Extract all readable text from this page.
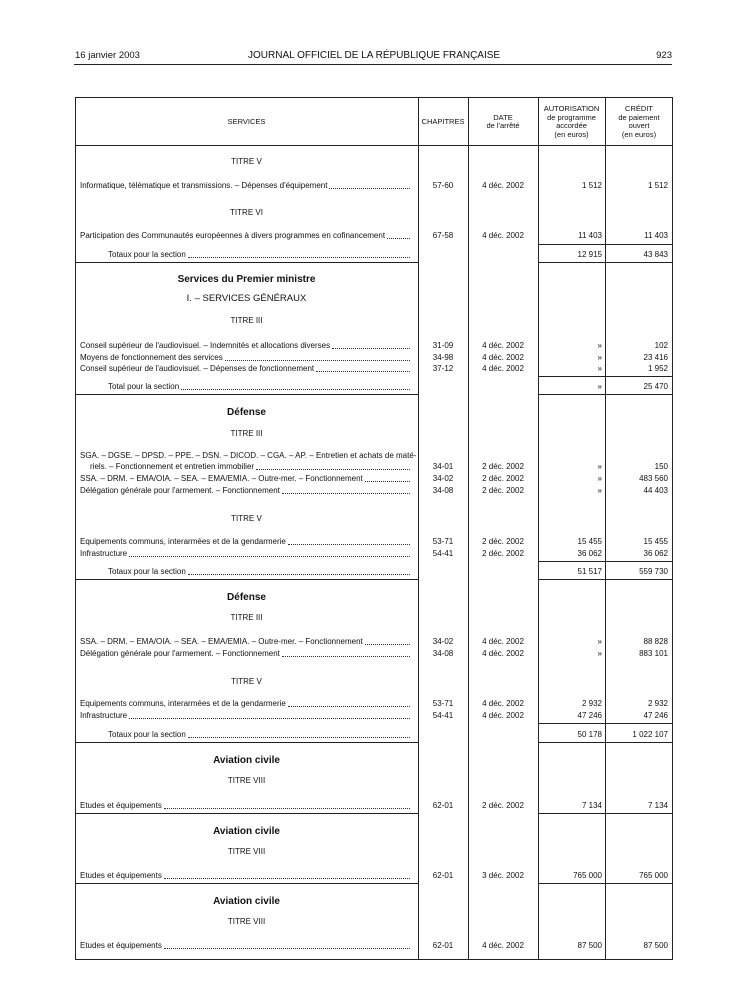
16 janvier 2003	JOURNAL OFFICIEL DE LA RÉPUBLIQUE FRANÇAISE	923
SERVICES	CHAPITRES	DATE
de l'arrêté
AUTORISATION
de programme
accordée
(en euros)
CRÉDIT
de paiement
ouvert
(en euros)
TITRE V
Informatique, télématique et transmissions. – Dépenses d'équipement	57-60	4 déc. 2002	1 512	1 512
TITRE VI
Participation des Communautés européennes à divers programmes en cofinancement	67-58	4 déc. 2002	11 403	11 403
Totaux pour la section	12 915	43 843
Services du Premier ministre
I. – SERVICES GÉNÉRAUX
TITRE III
Conseil supérieur de l'audiovisuel. – Indemnités et allocations diverses	31-09	4 déc. 2002	»	102
Moyens de fonctionnement des services	34-98	4 déc. 2002	»	23 416
Conseil supérieur de l'audiovisuel. – Dépenses de fonctionnement	37-12	4 déc. 2002	»	1 952
Total pour la section	»	25 470
Défense
TITRE III
SGA. – DGSE. – DPSD. – PPE. – DSN. – DICOD. – CGA. – AP. – Entretien et achats de maté-
riels. – Fonctionnement et entretien immobilier	34-01	2 déc. 2002	»	150
SSA. – DRM. – EMA/OIA. – SEA. – EMA/EMIA. – Outre-mer. – Fonctionnement	34-02	2 déc. 2002	»	483 560
Délégation générale pour l'armement. – Fonctionnement	34-08	2 déc. 2002	»	44 403
TITRE V
Equipements communs, interarmées et de la gendarmerie	53-71	2 déc. 2002	15 455	15 455
Infrastructure	54-41	2 déc. 2002	36 062	36 062
Totaux pour la section	51 517	559 730
Défense
TITRE III
SSA. – DRM. – EMA/OIA. – SEA. – EMA/EMIA. – Outre-mer. – Fonctionnement	34-02	4 déc. 2002	»	88 828
Délégation générale pour l'armement. – Fonctionnement	34-08	4 déc. 2002	»	883 101
TITRE V
Equipements communs, interarmées et de la gendarmerie	53-71	4 déc. 2002	2 932	2 932
Infrastructure	54-41	4 déc. 2002	47 246	47 246
Totaux pour la section	50 178	1 022 107
Aviation civile
TITRE VIII
Etudes et équipements	62-01	2 déc. 2002	7 134	7 134
Aviation civile
TITRE VIII
Etudes et équipements	62-01	3 déc. 2002	765 000	765 000
Aviation civile
TITRE VIII
Etudes et équipements	62-01	4 déc. 2002	87 500	87 500
